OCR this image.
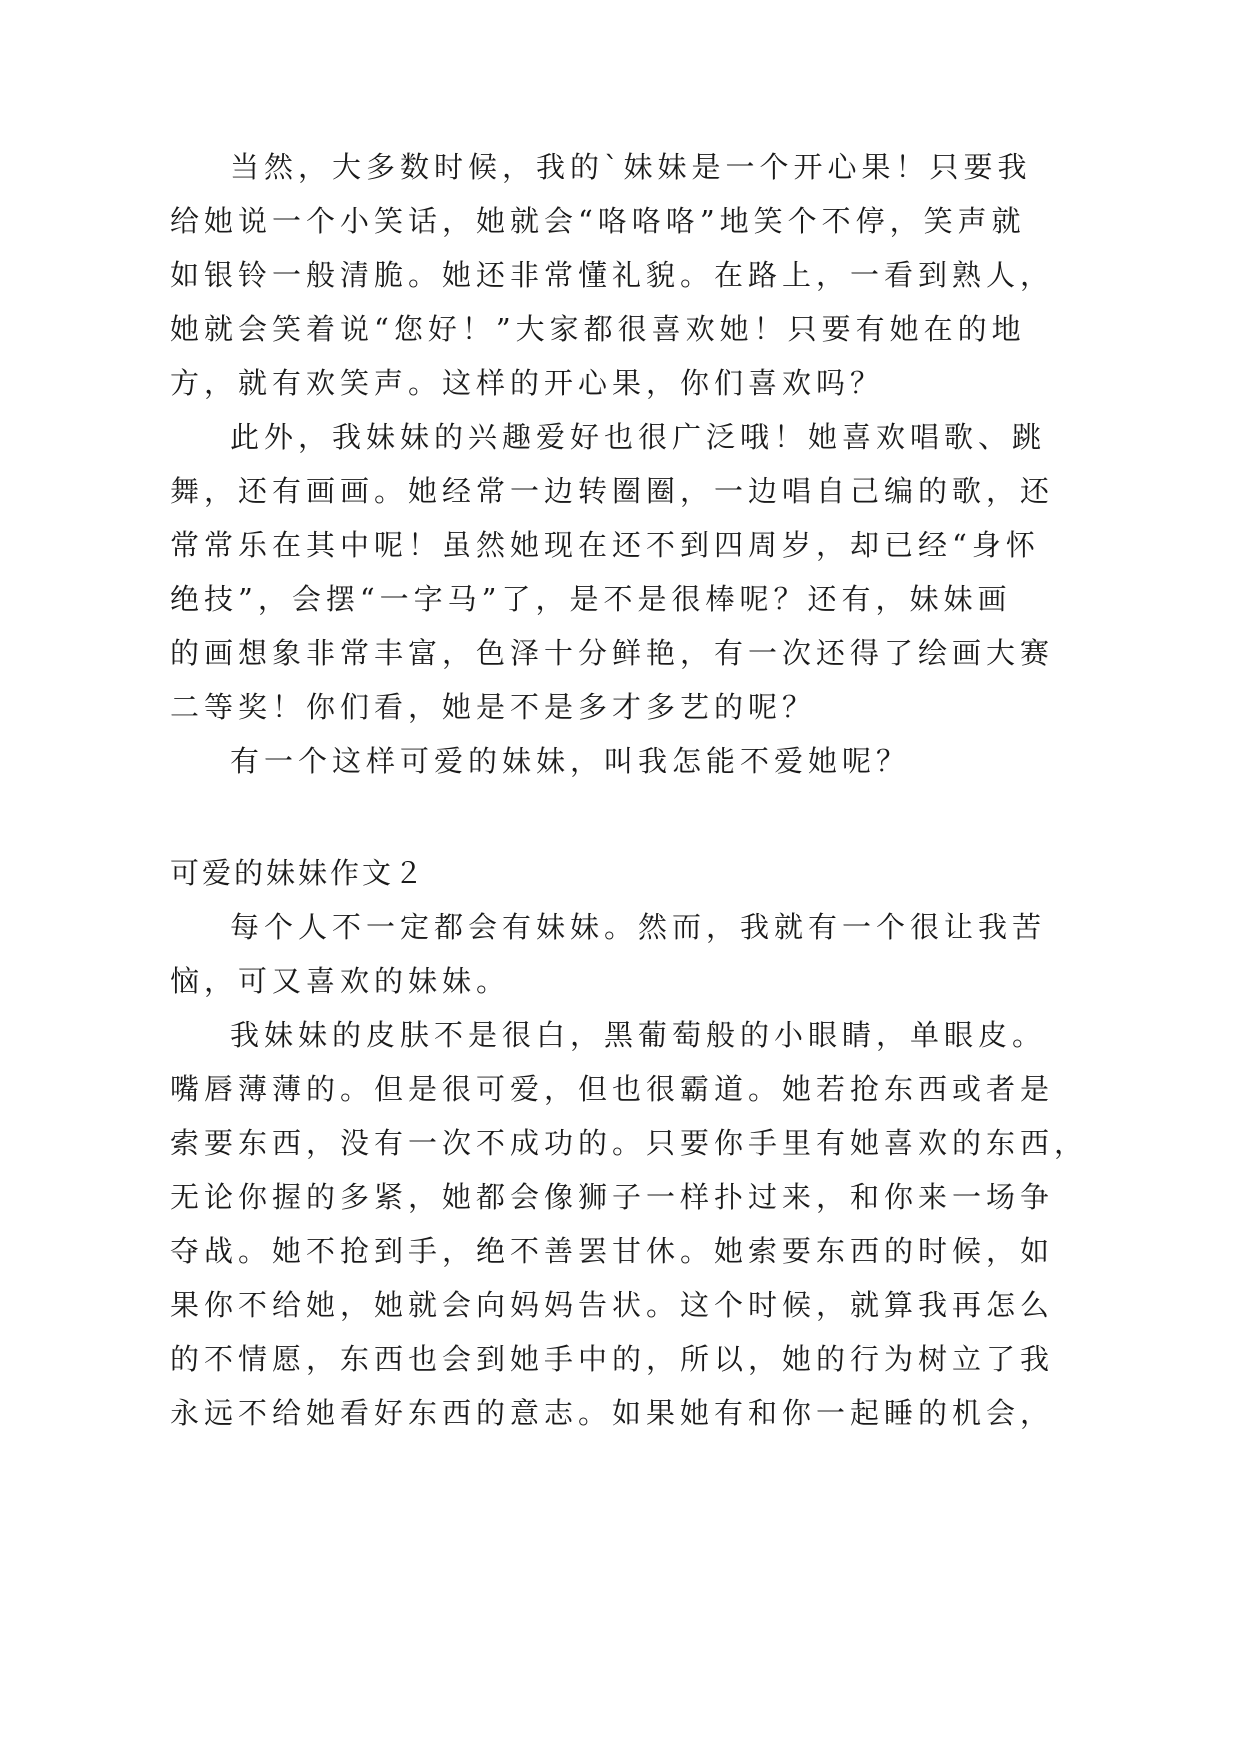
当然，大多数时候，我的`妹妹是一个开心果！只要我
给她说一个小笑话，她就会“咯咯咯”地笑个不停，笑声就
如银铃一般清脆。她还非常懂礼貌。在路上，一看到熟人，
她就会笑着说“您好！”大家都很喜欢她！只要有她在的地
方，就有欢笑声。这样的开心果，你们喜欢吗？
此外，我妹妹的兴趣爱好也很广泛哦！她喜欢唱歌、跳
舞，还有画画。她经常一边转圈圈，一边唱自己编的歌，还
常常乐在其中呢！虽然她现在还不到四周岁，却已经“身怀
绝技”，会摆“一字马”了，是不是很棒呢？还有，妹妹画
的画想象非常丰富，色泽十分鲜艳，有一次还得了绘画大赛
二等奖！你们看，她是不是多才多艺的呢？
有一个这样可爱的妹妹，叫我怎能不爱她呢？
可爱的妹妹作文２
每个人不一定都会有妹妹。然而，我就有一个很让我苦
恼，可又喜欢的妹妹。
我妹妹的皮肤不是很白，黑葡萄般的小眼睛，单眼皮。
嘴唇薄薄的。但是很可爱，但也很霸道。她若抢东西或者是
索要东西，没有一次不成功的。只要你手里有她喜欢的东西，
无论你握的多紧，她都会像狮子一样扑过来，和你来一场争
夺战。她不抢到手，绝不善罢甘休。她索要东西的时候，如
果你不给她，她就会向妈妈告状。这个时候，就算我再怎么
的不情愿，东西也会到她手中的，所以，她的行为树立了我
永远不给她看好东西的意志。如果她有和你一起睡的机会，
